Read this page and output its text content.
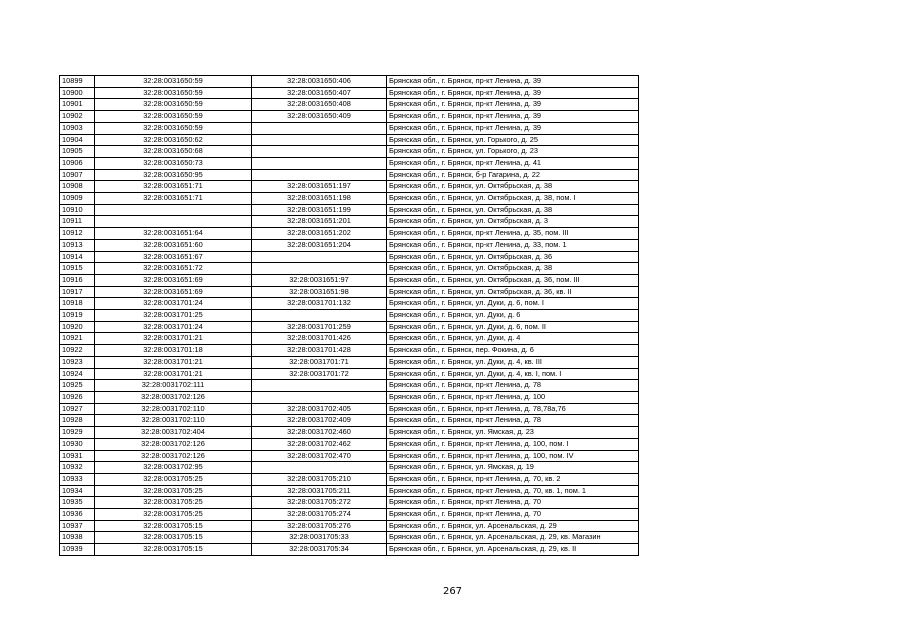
10899	32:28:0031650:59	32:28:0031650:406	Брянская обл., г. Брянск, пр-кт Ленина, д. 39
10900	32:28:0031650:59	32:28:0031650:407	Брянская обл., г. Брянск, пр-кт Ленина, д. 39
10901	32:28:0031650:59	32:28:0031650:408	Брянская обл., г. Брянск, пр-кт Ленина, д. 39
10902	32:28:0031650:59	32:28:0031650:409	Брянская обл., г. Брянск, пр-кт Ленина, д. 39
10903	32:28:0031650:59		Брянская обл., г. Брянск, пр-кт Ленина, д. 39
10904	32:28:0031650:62		Брянская обл., г. Брянск, ул. Горького, д. 25
10905	32:28:0031650:68		Брянская обл., г. Брянск, ул. Горького, д. 23
10906	32:28:0031650:73		Брянская обл., г. Брянск, пр-кт Ленина, д. 41
10907	32:28:0031650:95		Брянская обл., г. Брянск, б-р Гагарина, д. 22
10908	32:28:0031651:71	32:28:0031651:197	Брянская обл., г. Брянск, ул. Октябрьская, д. 38
10909	32:28:0031651:71	32:28:0031651:198	Брянская обл., г. Брянск, ул. Октябрьская, д. 38, пом. I
10910		32:28:0031651:199	Брянская обл., г. Брянск, ул. Октябрьская, д. 38
10911		32:28:0031651:201	Брянская обл., г. Брянск, ул. Октябрьская, д. 3
10912	32:28:0031651:64	32:28:0031651:202	Брянская обл., г. Брянск, пр-кт Ленина, д. 35, пом. III
10913	32:28:0031651:60	32:28:0031651:204	Брянская обл., г. Брянск, пр-кт Ленина, д. 33, пом. 1
10914	32:28:0031651:67		Брянская обл., г. Брянск, ул. Октябрьская, д. 36
10915	32:28:0031651:72		Брянская обл., г. Брянск, ул. Октябрьская, д. 38
10916	32:28:0031651:69	32:28:0031651:97	Брянская обл., г. Брянск, ул. Октябрьская, д. 36, пом. III
10917	32:28:0031651:69	32:28:0031651:98	Брянская обл., г. Брянск, ул. Октябрьская, д. 36, кв. II
10918	32:28:0031701:24	32:28:0031701:132	Брянская обл., г. Брянск, ул. Дуки, д. 6, пом. I
10919	32:28:0031701:25		Брянская обл., г. Брянск, ул. Дуки, д. 6
10920	32:28:0031701:24	32:28:0031701:259	Брянская обл., г. Брянск, ул. Дуки, д. 6, пом. II
10921	32:28:0031701:21	32:28:0031701:426	Брянская обл., г. Брянск, ул. Дуки, д. 4
10922	32:28:0031701:18	32:28:0031701:428	Брянская обл., г. Брянск, пер. Фокина, д. 6
10923	32:28:0031701:21	32:28:0031701:71	Брянская обл., г. Брянск, ул. Дуки, д. 4, кв. III
10924	32:28:0031701:21	32:28:0031701:72	Брянская обл., г. Брянск, ул. Дуки, д. 4, кв. I, пом. I
10925	32:28:0031702:111		Брянская обл., г. Брянск, пр-кт Ленина, д. 78
10926	32:28:0031702:126		Брянская обл., г. Брянск, пр-кт Ленина, д. 100
10927	32:28:0031702:110	32:28:0031702:405	Брянская обл., г. Брянск, пр-кт Ленина, д. 78,78а,76
10928	32:28:0031702:110	32:28:0031702:409	Брянская обл., г. Брянск, пр-кт Ленина, д. 78
10929	32:28:0031702:404	32:28:0031702:460	Брянская обл., г. Брянск, ул. Ямская, д. 23
10930	32:28:0031702:126	32:28:0031702:462	Брянская обл., г. Брянск, пр-кт Ленина, д. 100, пом. I
10931	32:28:0031702:126	32:28:0031702:470	Брянская обл., г. Брянск, пр-кт Ленина, д. 100, пом. IV
10932	32:28:0031702:95		Брянская обл., г. Брянск, ул. Ямская, д. 19
10933	32:28:0031705:25	32:28:0031705:210	Брянская обл., г. Брянск, пр-кт Ленина, д. 70, кв. 2
10934	32:28:0031705:25	32:28:0031705:211	Брянская обл., г. Брянск, пр-кт Ленина, д. 70, кв. 1, пом. 1
10935	32:28:0031705:25	32:28:0031705:272	Брянская обл., г. Брянск, пр-кт Ленина, д. 70
10936	32:28:0031705:25	32:28:0031705:274	Брянская обл., г. Брянск, пр-кт Ленина, д. 70
10937	32:28:0031705:15	32:28:0031705:276	Брянская обл., г. Брянск, ул. Арсенальская, д. 29
10938	32:28:0031705:15	32:28:0031705:33	Брянская обл., г. Брянск, ул. Арсенальская, д. 29, кв. Магазин
10939	32:28:0031705:15	32:28:0031705:34	Брянская обл., г. Брянск, ул. Арсенальская, д. 29, кв. II
267
